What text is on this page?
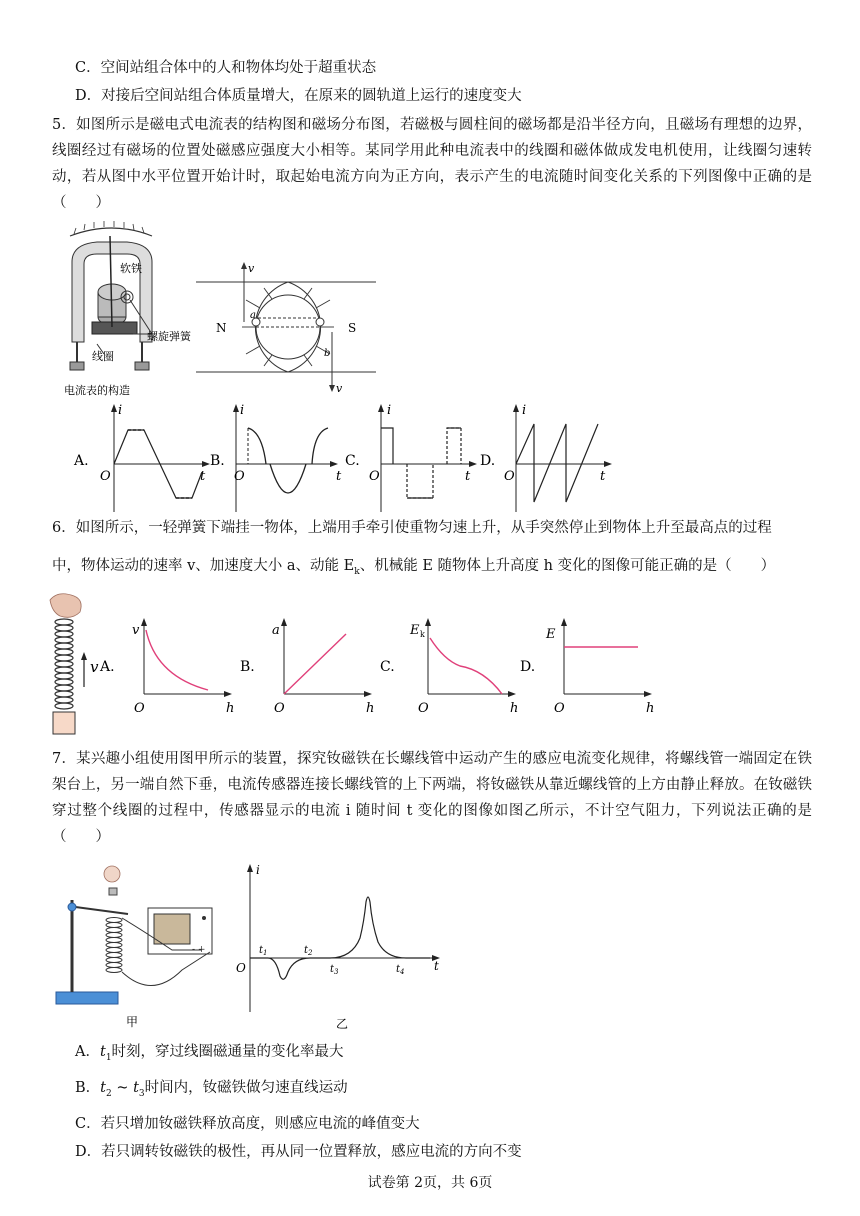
C．空间站组合体中的人和物体均处于超重状态
D．对接后空间站组合体质量增大，在原来的圆轨道上运行的速度变大
5．如图所示是磁电式电流表的结构图和磁场分布图，若磁极与圆柱间的磁场都是沿半径方向，且磁场有理想的边界，线圈经过有磁场的位置处磁感应强度大小相等。某同学用此种电流表中的线圈和磁体做成发电机使用，让线圈匀速转动，若从图中水平位置开始计时，取起始电流方向为正方向，表示产生的电流随时间变化关系的下列图像中正确的是（　　）
软铁
螺旋弹簧
线圈
电流表的构造
N	S
v
v
a
b
A.
i
t
O
B.
i
t
O
C.
i
t
O
D.
i
t
O
6．如图所示，一轻弹簧下端挂一物体，上端用手牵引使重物匀速上升，从手突然停止到物体上升至最高点的过程
中，物体运动的速率 v、加速度大小 a、动能 $E_k$、机械能 E 随物体上升高度 h 变化的图像可能正确的是（　　）
v A.
v
h
O
B.
a
h
O
C.
E k
h
O
D.
E
h
O
7．某兴趣小组使用图甲所示的装置，探究钕磁铁在长螺线管中运动产生的感应电流变化规律，将螺线管一端固定在铁架台上，另一端自然下垂，电流传感器连接长螺线管的上下两端，将钕磁铁从靠近螺线管的上方由静止释放。在钕磁铁穿过整个线圈的过程中，传感器显示的电流 i 随时间 t 变化的图像如图乙所示，不计空气阻力，下列说法正确的是（　　）
- +
甲
i
t
O
$t_1$	$t_2$
$t_3$	$t_4$
乙
A．$t_1$时刻，穿过线圈磁通量的变化率最大
B．$t_2$ ~ $t_3$时间内，钕磁铁做匀速直线运动
C．若只增加钕磁铁释放高度，则感应电流的峰值变大
D．若只调转钕磁铁的极性，再从同一位置释放，感应电流的方向不变
试卷第 2页，共 6页
